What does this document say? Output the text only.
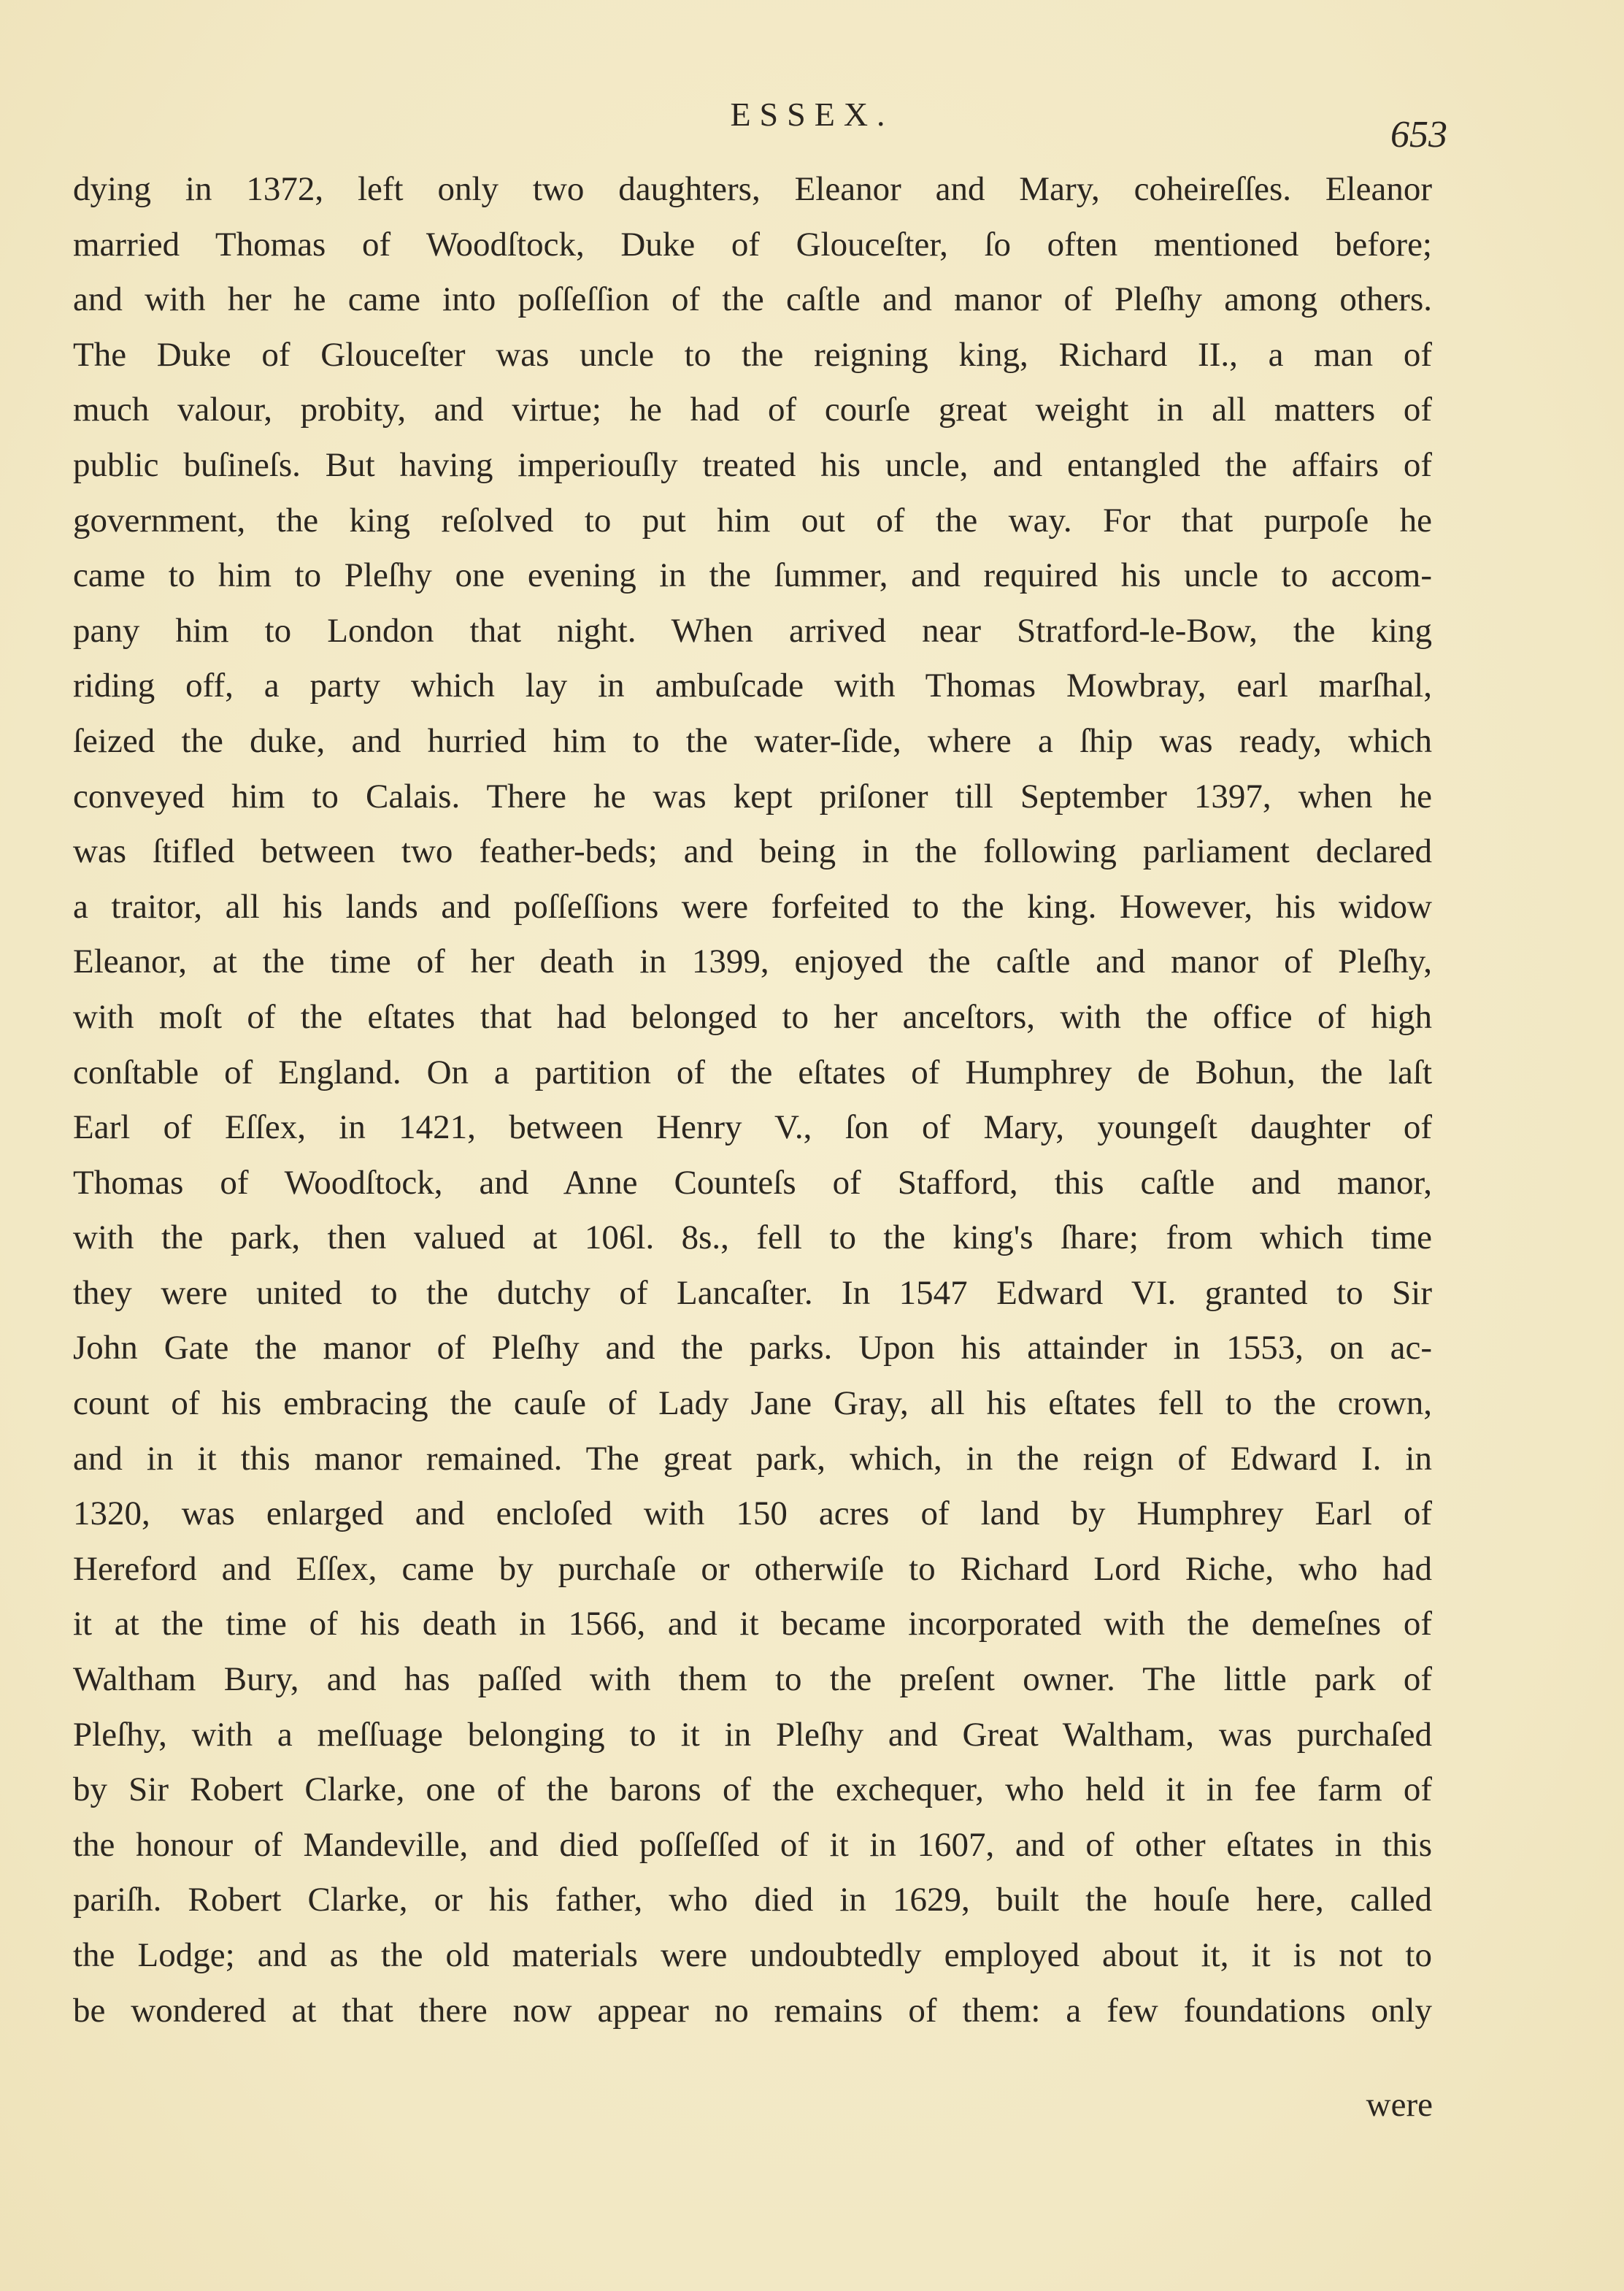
ESSEX.	653
dying in 1372, left only two daughters, Eleanor and Mary, coheireſſes. Eleanor
married Thomas of Woodſtock, Duke of Glouceſter, ſo often mentioned before;
and with her he came into poſſeſſion of the caſtle and manor of Pleſhy among others.
The Duke of Glouceſter was uncle to the reigning king, Richard II., a man of
much valour, probity, and virtue; he had of courſe great weight in all matters of
public buſineſs. But having imperiouſly treated his uncle, and entangled the affairs of
government, the king reſolved to put him out of the way. For that purpoſe he
came to him to Pleſhy one evening in the ſummer, and required his uncle to accom-
pany him to London that night. When arrived near Stratford-le-Bow, the king
riding off, a party which lay in ambuſcade with Thomas Mowbray, earl marſhal,
ſeized the duke, and hurried him to the water-ſide, where a ſhip was ready, which
conveyed him to Calais. There he was kept priſoner till September 1397, when he
was ſtifled between two feather-beds; and being in the following parliament declared
a traitor, all his lands and poſſeſſions were forfeited to the king. However, his widow
Eleanor, at the time of her death in 1399, enjoyed the caſtle and manor of Pleſhy,
with moſt of the eſtates that had belonged to her anceſtors, with the office of high
conſtable of England. On a partition of the eſtates of Humphrey de Bohun, the laſt
Earl of Eſſex, in 1421, between Henry V., ſon of Mary, youngeſt daughter of
Thomas of Woodſtock, and Anne Counteſs of Stafford, this caſtle and manor,
with the park, then valued at 106l. 8s., fell to the king's ſhare; from which time
they were united to the dutchy of Lancaſter. In 1547 Edward VI. granted to Sir
John Gate the manor of Pleſhy and the parks. Upon his attainder in 1553, on ac-
count of his embracing the cauſe of Lady Jane Gray, all his eſtates fell to the crown,
and in it this manor remained. The great park, which, in the reign of Edward I. in
1320, was enlarged and encloſed with 150 acres of land by Humphrey Earl of
Hereford and Eſſex, came by purchaſe or otherwiſe to Richard Lord Riche, who had
it at the time of his death in 1566, and it became incorporated with the demeſnes of
Waltham Bury, and has paſſed with them to the preſent owner. The little park of
Pleſhy, with a meſſuage belonging to it in Pleſhy and Great Waltham, was purchaſed
by Sir Robert Clarke, one of the barons of the exchequer, who held it in fee farm of
the honour of Mandeville, and died poſſeſſed of it in 1607, and of other eſtates in this
pariſh. Robert Clarke, or his father, who died in 1629, built the houſe here, called
the Lodge; and as the old materials were undoubtedly employed about it, it is not to
be wondered at that there now appear no remains of them: a few foundations only
were
